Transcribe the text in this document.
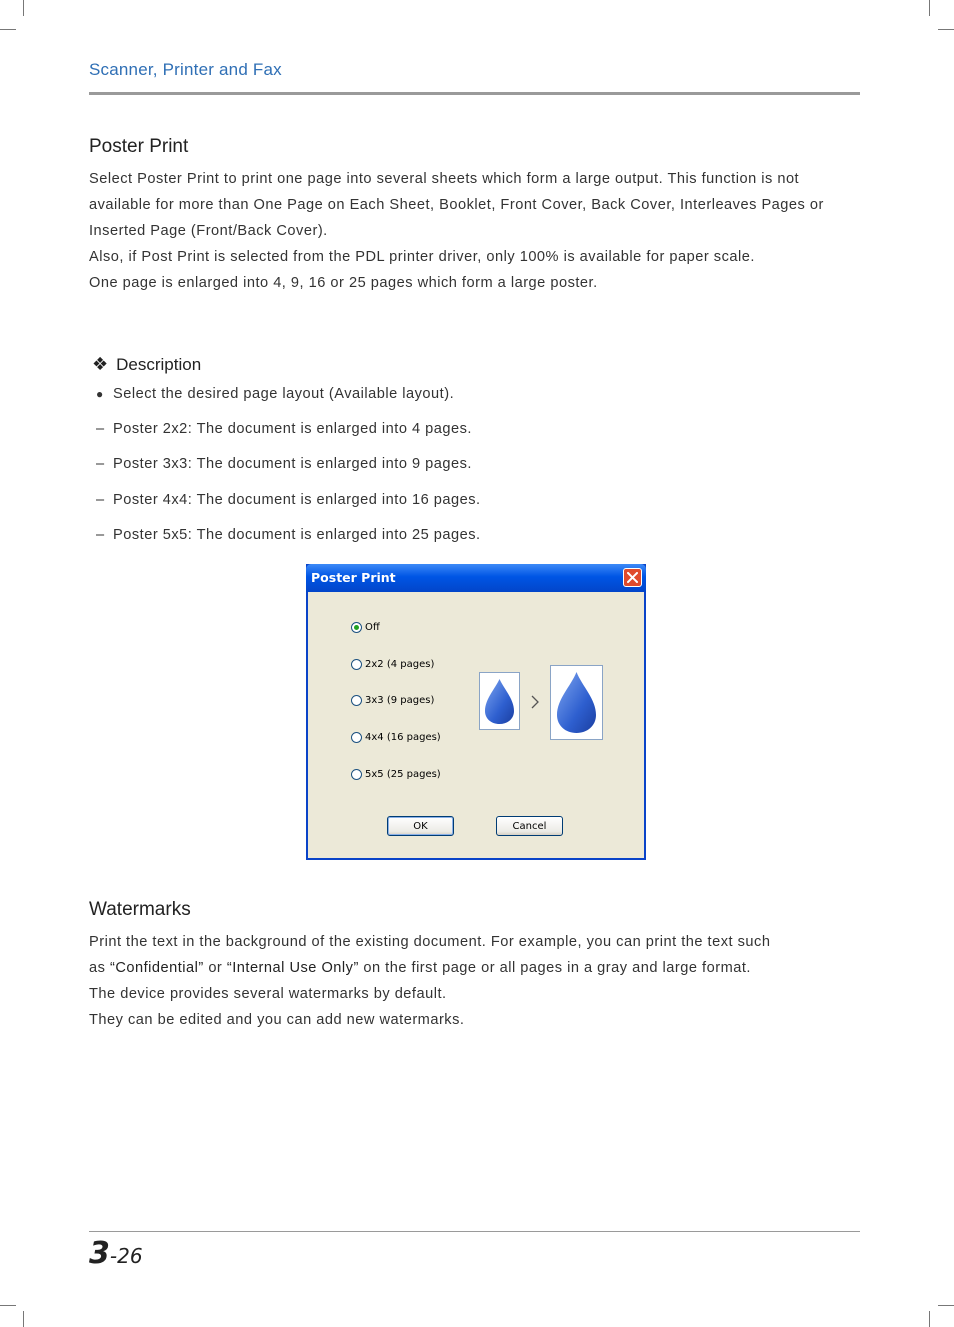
Scanner, Printer and Fax
Poster Print

Select Poster Print to print one page into several sheets which form a large output. This function is not available for more than One Page on Each Sheet, Booklet, Front Cover, Back Cover, Interleaves Pages or Inserted Page (Front/Back Cover).

Also, if Post Print is selected from the PDL printer driver, only 100% is available for paper scale.

One page is enlarged into 4, 9, 16 or 25 pages which form a large poster.

❖ Description
● Select the desired page layout (Available layout).
– Poster 2x2: The document is enlarged into 4 pages.
– Poster 3x3: The document is enlarged into 9 pages.
– Poster 4x4: The document is enlarged into 16 pages.
– Poster 5x5: The document is enlarged into 25 pages.
Poster Print
Off
2x2 (4 pages)
3x3 (9 pages)
4x4 (16 pages)
5x5 (25 pages)
OK	Cancel
Watermarks

Print the text in the background of the existing document. For example, you can print the text such

as “Confidential” or “Internal Use Only” on the first page or all pages in a gray and large format.

The device provides several watermarks by default.

They can be edited and you can add new watermarks.

3-26
